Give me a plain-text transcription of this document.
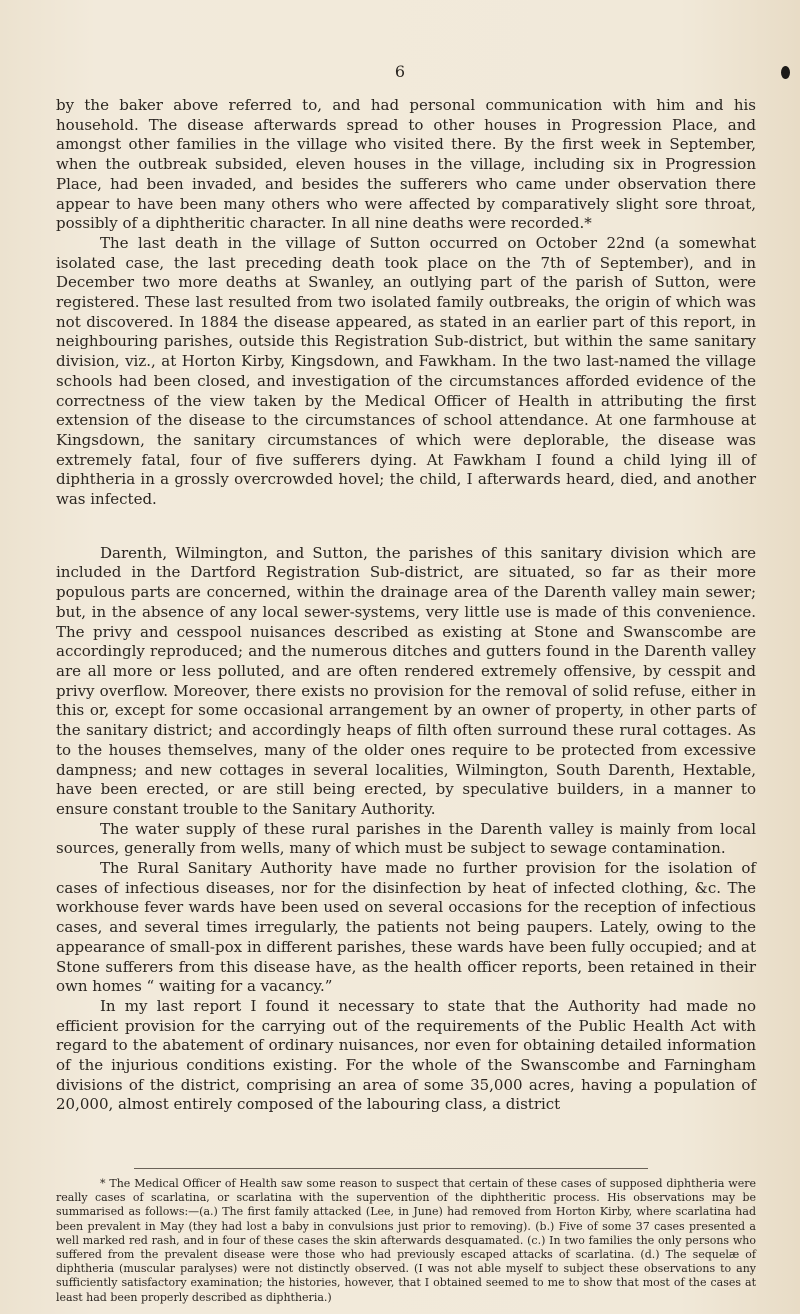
6

by the baker above referred to, and had personal communication with him and his household. The disease afterwards spread to other houses in Progression Place, and amongst other families in the village who visited there. By the first week in September, when the outbreak subsided, eleven houses in the village, including six in Progression Place, had been invaded, and besides the sufferers who came under observation there appear to have been many others who were affected by comparatively slight sore throat, possibly of a diphtheritic character. In all nine deaths were recorded.*

The last death in the village of Sutton occurred on October 22nd (a somewhat isolated case, the last preceding death took place on the 7th of September), and in December two more deaths at Swanley, an outlying part of the parish of Sutton, were registered. These last resulted from two isolated family outbreaks, the origin of which was not discovered. In 1884 the disease appeared, as stated in an earlier part of this report, in neighbouring parishes, outside this Registration Sub-district, but within the same sanitary division, viz., at Horton Kirby, Kingsdown, and Fawkham. In the two last-named the village schools had been closed, and investigation of the circumstances afforded evidence of the correctness of the view taken by the Medical Officer of Health in attributing the first extension of the disease to the circumstances of school attendance. At one farmhouse at Kingsdown, the sanitary circumstances of which were deplorable, the disease was extremely fatal, four of five sufferers dying. At Fawkham I found a child lying ill of diphtheria in a grossly overcrowded hovel; the child, I afterwards heard, died, and another was infected.

Darenth, Wilmington, and Sutton, the parishes of this sanitary division which are included in the Dartford Registration Sub-district, are situated, so far as their more populous parts are concerned, within the drainage area of the Darenth valley main sewer; but, in the absence of any local sewer-systems, very little use is made of this convenience. The privy and cesspool nuisances described as existing at Stone and Swanscombe are accordingly reproduced; and the numerous ditches and gutters found in the Darenth valley are all more or less polluted, and are often rendered extremely offensive, by cesspit and privy overflow. Moreover, there exists no provision for the removal of solid refuse, either in this or, except for some occasional arrangement by an owner of property, in other parts of the sanitary district; and accordingly heaps of filth often surround these rural cottages. As to the houses themselves, many of the older ones require to be protected from excessive dampness; and new cottages in several localities, Wilmington, South Darenth, Hextable, have been erected, or are still being erected, by speculative builders, in a manner to ensure constant trouble to the Sanitary Authority.

The water supply of these rural parishes in the Darenth valley is mainly from local sources, generally from wells, many of which must be subject to sewage contamination.

The Rural Sanitary Authority have made no further provision for the isolation of cases of infectious diseases, nor for the disinfection by heat of infected clothing, &c. The workhouse fever wards have been used on several occasions for the reception of infectious cases, and several times irregularly, the patients not being paupers. Lately, owing to the appearance of small-pox in different parishes, these wards have been fully occupied; and at Stone sufferers from this disease have, as the health officer reports, been retained in their own homes “ waiting for a vacancy.”

In my last report I found it necessary to state that the Authority had made no efficient provision for the carrying out of the requirements of the Public Health Act with regard to the abatement of ordinary nuisances, nor even for obtaining detailed information of the injurious conditions existing. For the whole of the Swanscombe and Farningham divisions of the district, comprising an area of some 35,000 acres, having a population of 20,000, almost entirely composed of the labouring class, a district

* The Medical Officer of Health saw some reason to suspect that certain of these cases of supposed diphtheria were really cases of scarlatina, or scarlatina with the supervention of the diphtheritic process. His observations may be summarised as follows:—(a.) The first family attacked (Lee, in June) had removed from Horton Kirby, where scarlatina had been prevalent in May (they had lost a baby in convulsions just prior to removing). (b.) Five of some 37 cases presented a well marked red rash, and in four of these cases the skin afterwards desquamated. (c.) In two families the only persons who suffered from the prevalent disease were those who had previously escaped attacks of scarlatina. (d.) The sequelæ of diphtheria (muscular paralyses) were not distinctly observed. (I was not able myself to subject these observations to any sufficiently satisfactory examination; the histories, however, that I obtained seemed to me to show that most of the cases at least had been properly described as diphtheria.)
